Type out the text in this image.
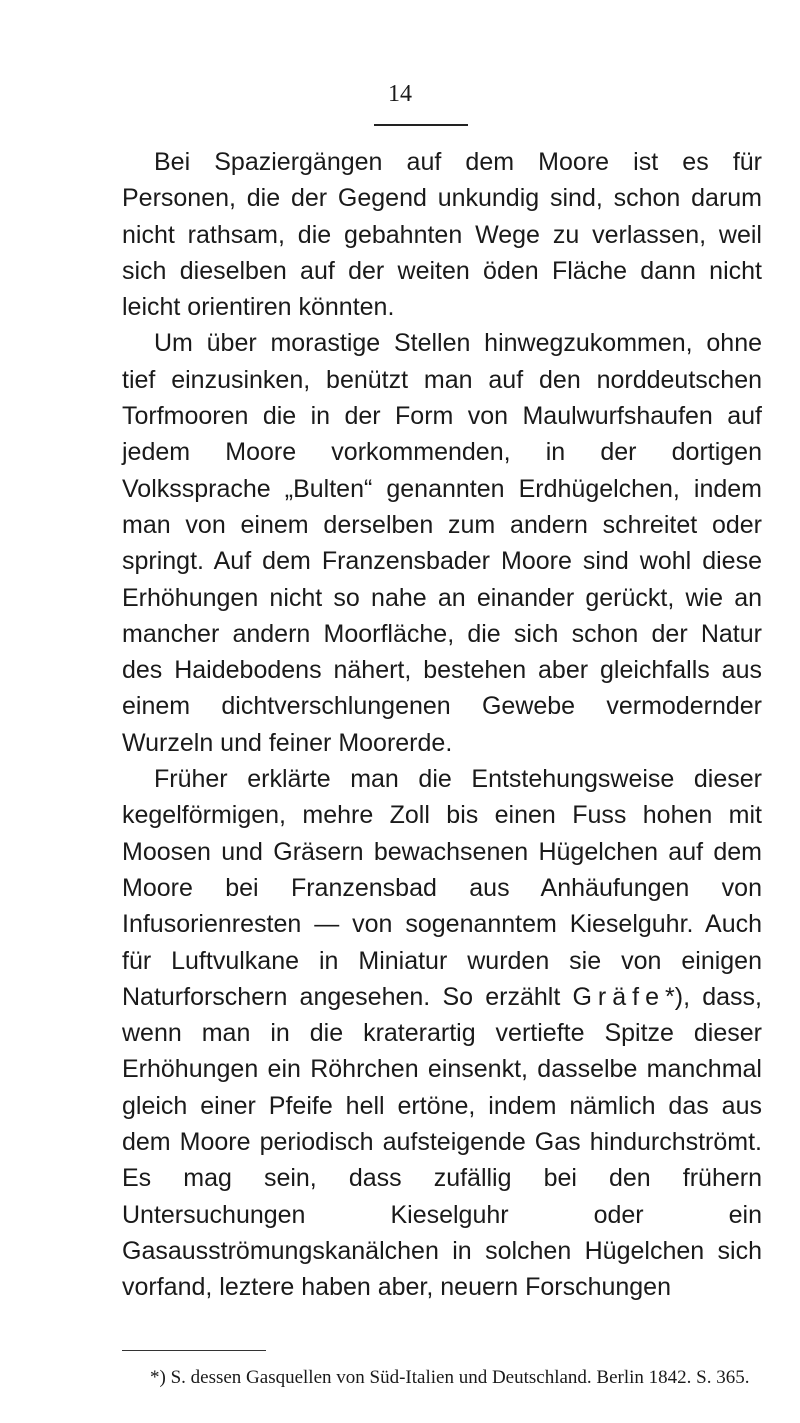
14

Bei Spaziergängen auf dem Moore ist es für Personen, die der Gegend unkundig sind, schon darum nicht rathsam, die gebahnten Wege zu verlassen, weil sich dieselben auf der weiten öden Fläche dann nicht leicht orientiren könnten.

Um über morastige Stellen hinwegzukommen, ohne tief einzusinken, benützt man auf den norddeutschen Torfmooren die in der Form von Maulwurfshaufen auf jedem Moore vorkommenden, in der dortigen Volkssprache „Bulten“ genannten Erdhügelchen, indem man von einem derselben zum andern schreitet oder springt. Auf dem Franzensbader Moore sind wohl diese Erhöhungen nicht so nahe an einander gerückt, wie an mancher andern Moorfläche, die sich schon der Natur des Haidebodens nähert, bestehen aber gleichfalls aus einem dichtverschlungenen Gewebe vermodernder Wurzeln und feiner Moorerde.

Früher erklärte man die Entstehungsweise dieser kegelförmigen, mehre Zoll bis einen Fuss hohen mit Moosen und Gräsern bewachsenen Hügelchen auf dem Moore bei Franzensbad aus Anhäufungen von Infusorienresten — von sogenanntem Kieselguhr. Auch für Luftvulkane in Miniatur wurden sie von einigen Naturforschern angesehen. So erzählt Gräfe*), dass, wenn man in die kraterartig vertiefte Spitze dieser Erhöhungen ein Röhrchen einsenkt, dasselbe manchmal gleich einer Pfeife hell ertöne, indem nämlich das aus dem Moore periodisch aufsteigende Gas hindurchströmt. Es mag sein, dass zufällig bei den frühern Untersuchungen Kieselguhr oder ein Gasausströmungskanälchen in solchen Hügelchen sich vorfand, leztere haben aber, neuern Forschungen

*) S. dessen Gasquellen von Süd-Italien und Deutschland. Berlin 1842. S. 365.
